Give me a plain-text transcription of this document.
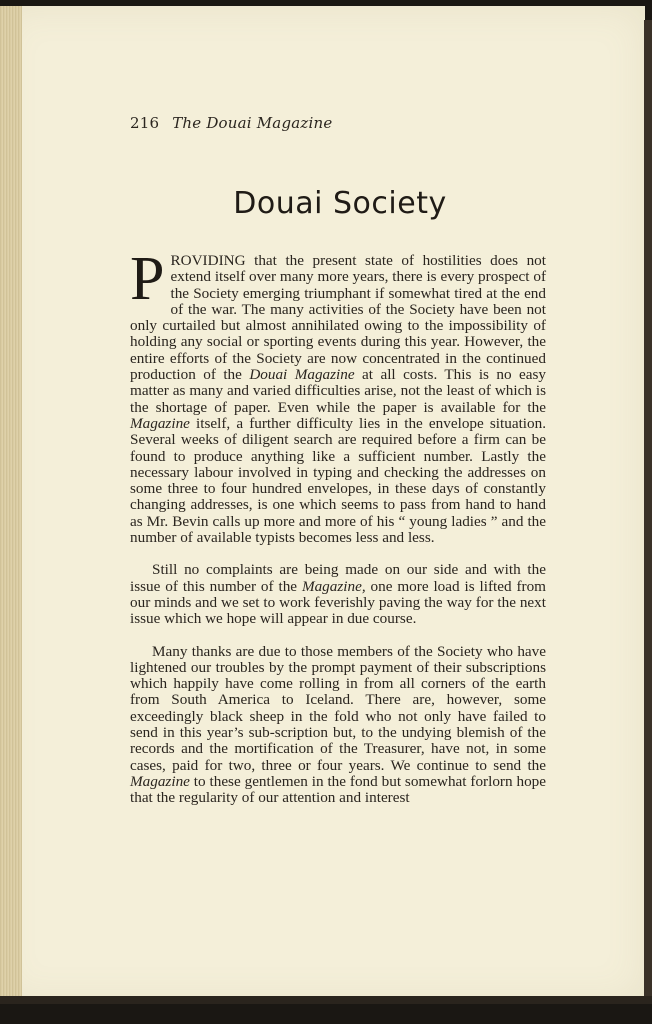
216 The Douai Magazine
Douai Society

PROVIDING that the present state of hostilities does not extend itself over many more years, there is every prospect of the Society emerging triumphant if somewhat tired at the end of the war. The many activities of the Society have been not only curtailed but almost annihilated owing to the impossibility of holding any social or sporting events during this year. However, the entire efforts of the Society are now concentrated in the continued production of the Douai Magazine at all costs. This is no easy matter as many and varied difficulties arise, not the least of which is the shortage of paper. Even while the paper is available for the Magazine itself, a further difficulty lies in the envelope situation. Several weeks of diligent search are required before a firm can be found to produce anything like a sufficient number. Lastly the necessary labour involved in typing and checking the addresses on some three to four hundred envelopes, in these days of constantly changing addresses, is one which seems to pass from hand to hand as Mr. Bevin calls up more and more of his “ young ladies ” and the number of available typists becomes less and less.

Still no complaints are being made on our side and with the issue of this number of the Magazine, one more load is lifted from our minds and we set to work feverishly paving the way for the next issue which we hope will appear in due course.

Many thanks are due to those members of the Society who have lightened our troubles by the prompt payment of their subscriptions which happily have come rolling in from all corners of the earth from South America to Iceland. There are, however, some exceedingly black sheep in the fold who not only have failed to send in this year’s sub-scription but, to the undying blemish of the records and the mortification of the Treasurer, have not, in some cases, paid for two, three or four years. We continue to send the Magazine to these gentlemen in the fond but somewhat forlorn hope that the regularity of our attention and interest
